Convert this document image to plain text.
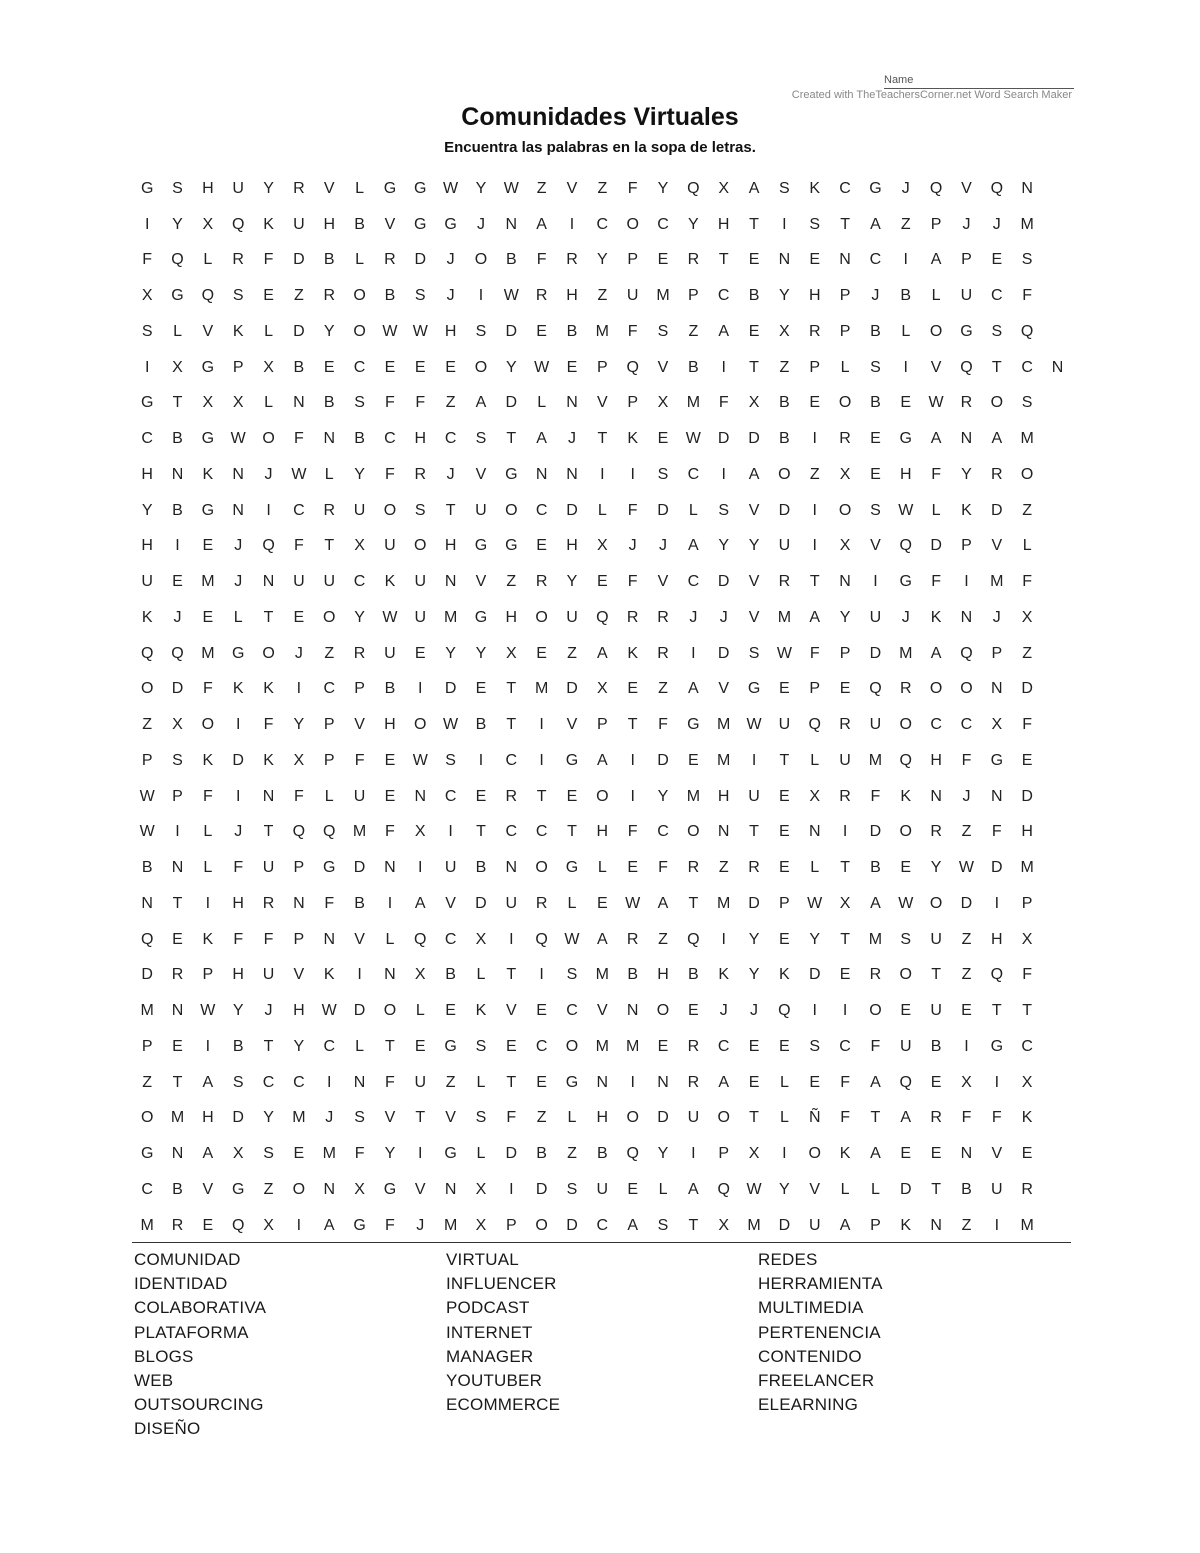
Name
Created with TheTeachersCorner.net Word Search Maker
Comunidades Virtuales
Encuentra las palabras en la sopa de letras.
G	S	H	U	Y	R	V	L	G	G	W	Y	W	Z	V	Z	F	Y	Q	X	A	S	K	C	G	J	Q	V	Q	N
I	Y	X	Q	K	U	H	B	V	G	G	J	N	A	I	C	O	C	Y	H	T	I	S	T	A	Z	P	J	J	M
F	Q	L	R	F	D	B	L	R	D	J	O	B	F	R	Y	P	E	R	T	E	N	E	N	C	I	A	P	E	S
X	G	Q	S	E	Z	R	O	B	S	J	I	W	R	H	Z	U	M	P	C	B	Y	H	P	J	B	L	U	C	F
S	L	V	K	L	D	Y	O	W W	H	S	D	E	B	M	F	S	Z	A	E	X	R	P	B	L	O	G	S	Q
I	X	G	P	X	B	E	C	E	E	E	O	Y	W	E	P	Q	V	B	I	T	Z	P	L	S	I	V	Q	T	C	N
G	T	X	X	L	N	B	S	F	F	Z	A	D	L	N	V	P	X	M	F	X	B	E	O	B	E	W	R	O	S
C	B	G	W	O	F	N	B	C	H	C	S	T	A	J	T	K	E	W	D	D	B	I	R	E	G	A	N	A	M
H	N	K	N	J	W	L	Y	F	R	J	V	G	N	N	I	I	S	C	I	A	O	Z	X	E	H	F	Y	R	O
Y	B	G	N	I	C	R	U	O	S	T	U	O	C	D	L	F	D	L	S	V	D	I	O	S	W	L	K	D	Z
H	I	E	J	Q	F	T	X	U	O	H	G	G	E	H	X	J	J	A	Y	Y	U	I	X	V	Q	D	P	V	L
U	E	M	J	N	U	U	C	K	U	N	V	Z	R	Y	E	F	V	C	D	V	R	T	N	I	G	F	I	M	F
K	J	E	L	T	E	O	Y	W	U	M	G	H	O	U	Q	R	R	J	J	V	M	A	Y	U	J	K	N	J	X
Q	Q	M	G	O	J	Z	R	U	E	Y	Y	X	E	Z	A	K	R	I	D	S	W	F	P	D	M	A	Q	P	Z
O	D	F	K	K	I	C	P	B	I	D	E	T	M	D	X	E	Z	A	V	G	E	P	E	Q	R	O	O	N	D
Z	X	O	I	F	Y	P	V	H	O	W	B	T	I	V	P	T	F	G	M	W	U	Q	R	U	O	C	C	X	F
P	S	K	D	K	X	P	F	E	W	S	I	C	I	G	A	I	D	E	M	I	T	L	U	M	Q	H	F	G	E
W	P	F	I	N	F	L	U	E	N	C	E	R	T	E	O	I	Y	M	H	U	E	X	R	F	K	N	J	N	D
W	I	L	J	T	Q	Q	M	F	X	I	T	C	C	T	H	F	C	O	N	T	E	N	I	D	O	R	Z	F	H
B	N	L	F	U	P	G	D	N	I	U	B	N	O	G	L	E	F	R	Z	R	E	L	T	B	E	Y	W	D	M
N	T	I	H	R	N	F	B	I	A	V	D	U	R	L	E	W	A	T	M	D	P	W	X	A	W	O	D	I	P
Q	E	K	F	F	P	N	V	L	Q	C	X	I	Q	W	A	R	Z	Q	I	Y	E	Y	T	M	S	U	Z	H	X
D	R	P	H	U	V	K	I	N	X	B	L	T	I	S	M	B	H	B	K	Y	K	D	E	R	O	T	Z	Q	F
M	N	W	Y	J	H	W	D	O	L	E	K	V	E	C	V	N	O	E	J	J	Q	I	I	O	E	U	E	T	T
P	E	I	B	T	Y	C	L	T	E	G	S	E	C	O	M	M	E	R	C	E	E	S	C	F	U	B	I	G	C
Z	T	A	S	C	C	I	N	F	U	Z	L	T	E	G	N	I	N	R	A	E	L	E	F	A	Q	E	X	I	X
O	M	H	D	Y	M	J	S	V	T	V	S	F	Z	L	H	O	D	U	O	T	L	Ñ	F	T	A	R	F	F	K
G	N	A	X	S	E	M	F	Y	I	G	L	D	B	Z	B	Q	Y	I	P	X	I	O	K	A	E	E	N	V	E
C	B	V	G	Z	O	N	X	G	V	N	X	I	D	S	U	E	L	A	Q	W	Y	V	L	L	D	T	B	U	R
M	R	E	Q	X	I	A	G	F	J	M	X	P	O	D	C	A	S	T	X	M	D	U	A	P	K	N	Z	I	M
COMUNIDAD
IDENTIDAD
COLABORATIVA
PLATAFORMA
BLOGS
WEB
OUTSOURCING
DISEÑO
VIRTUAL
INFLUENCER
PODCAST
INTERNET
MANAGER
YOUTUBER
ECOMMERCE
REDES
HERRAMIENTA
MULTIMEDIA
PERTENENCIA
CONTENIDO
FREELANCER
ELEARNING
